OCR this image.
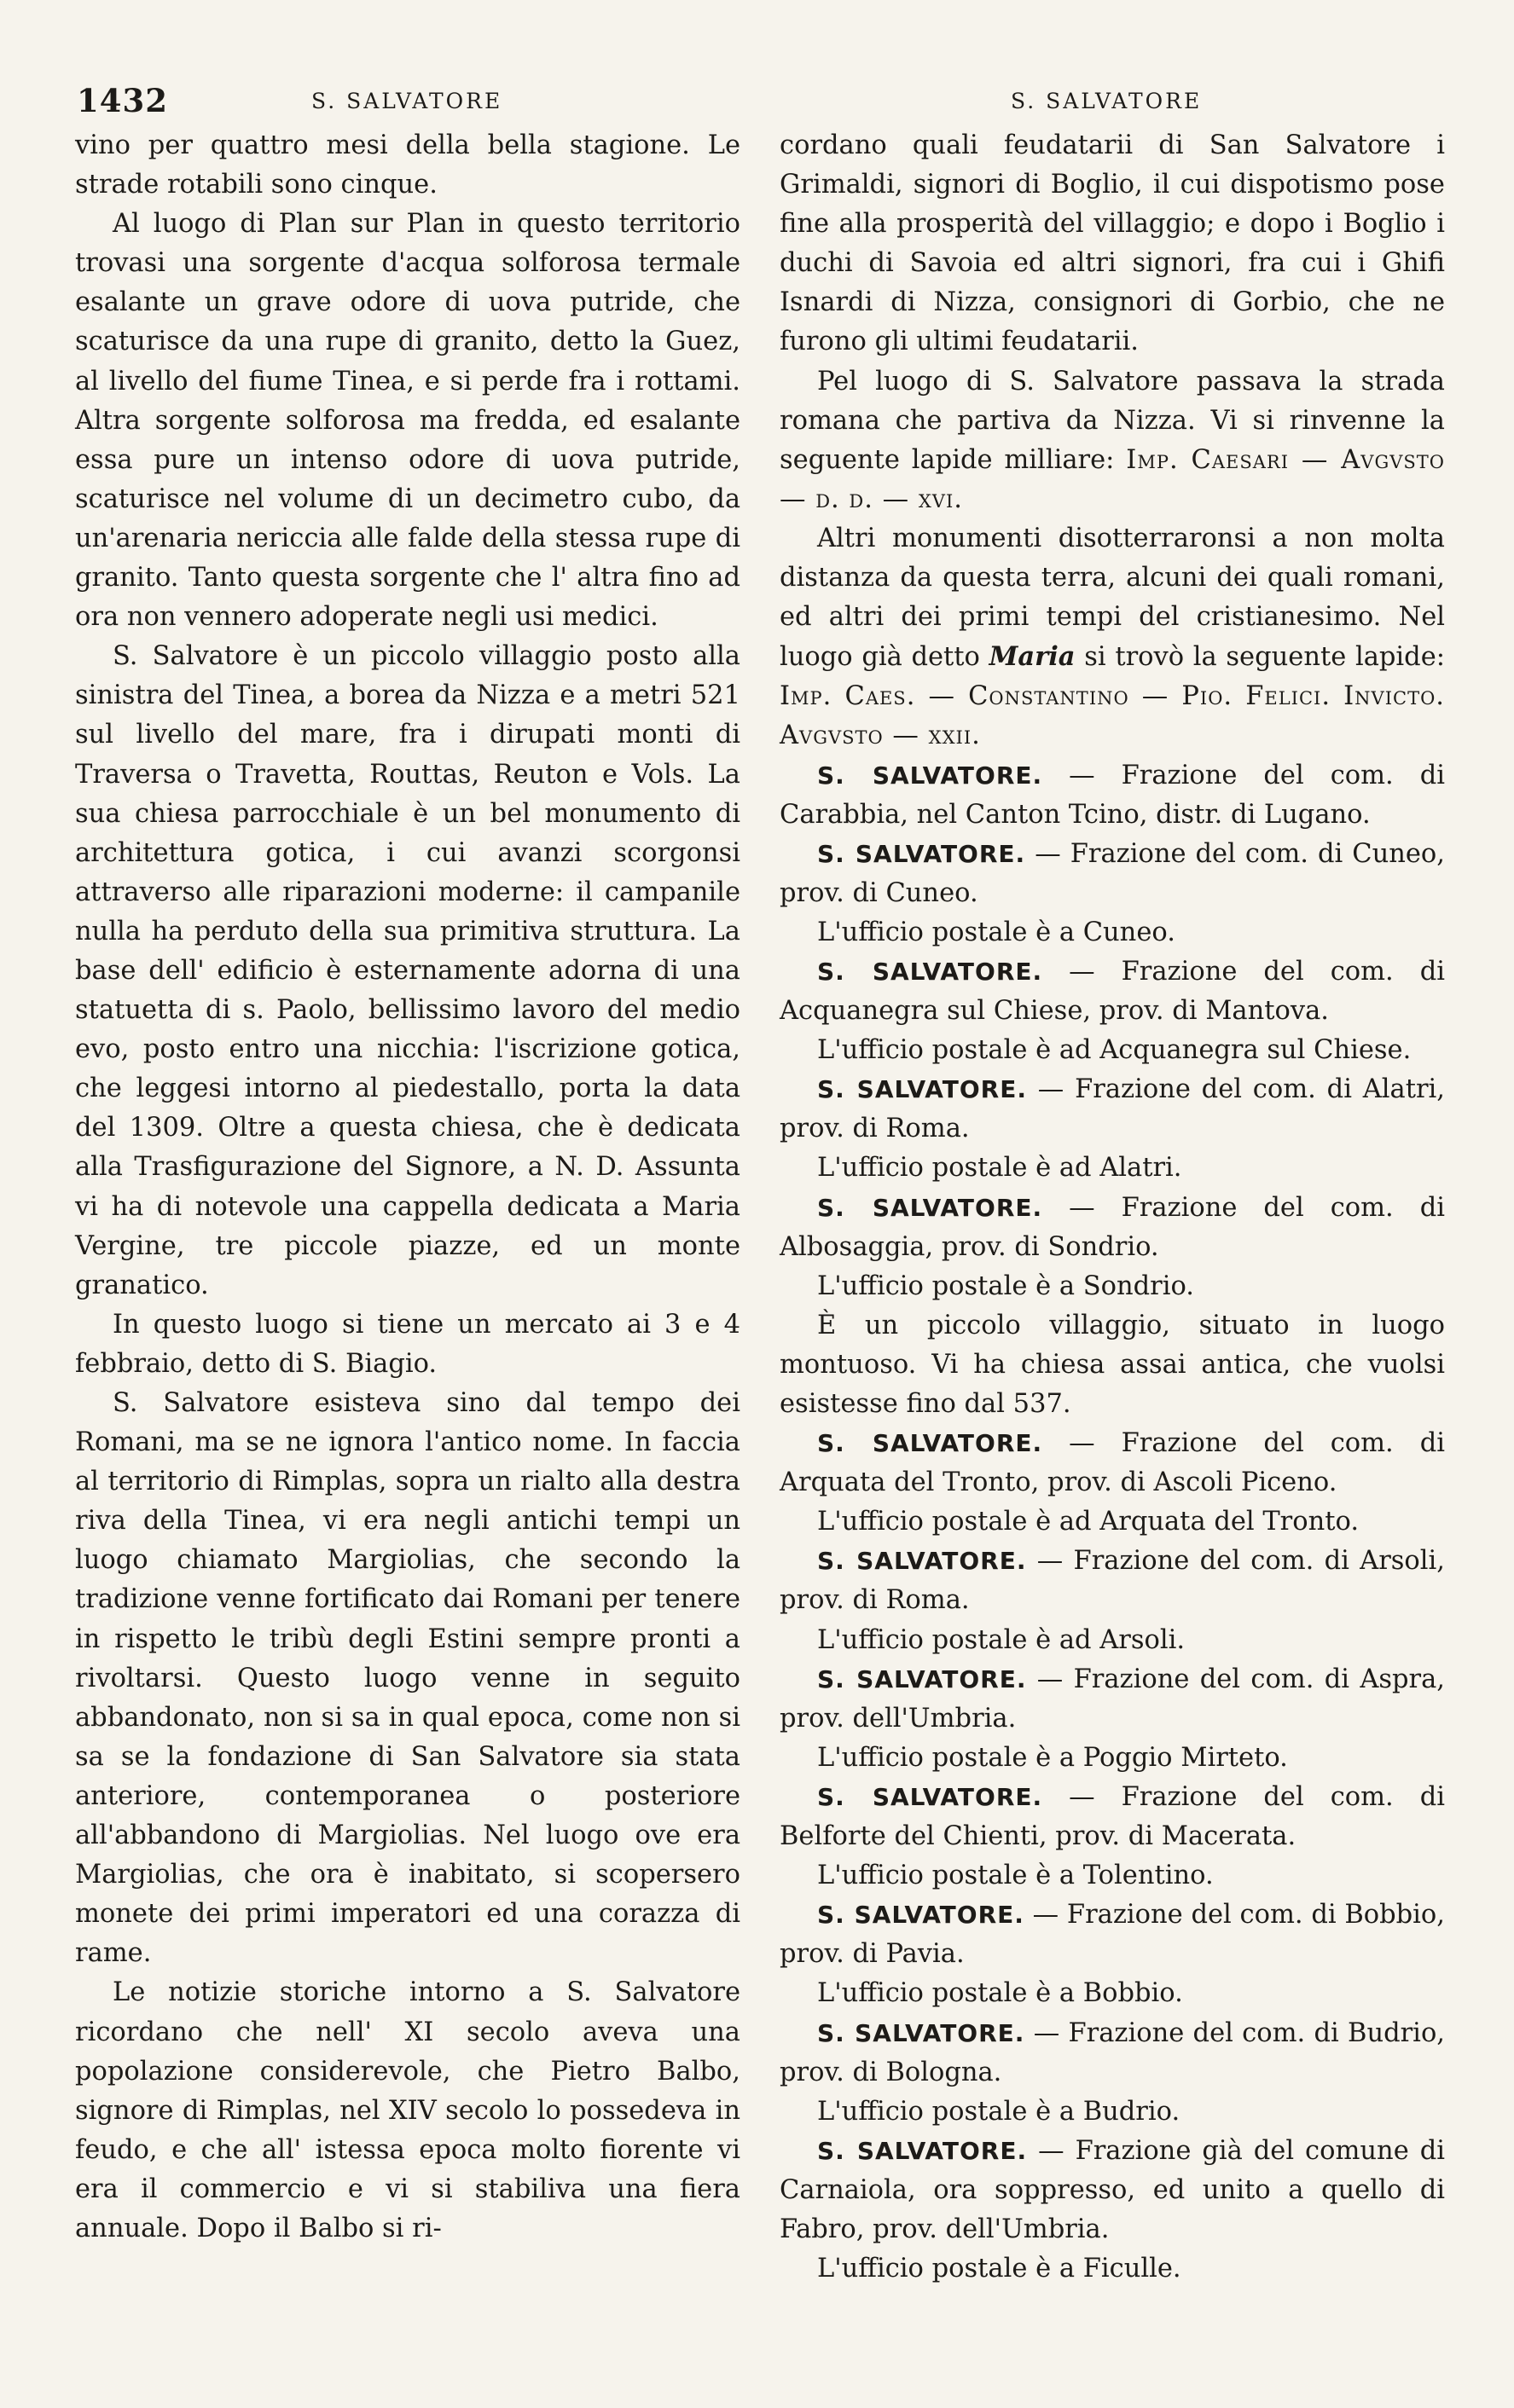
1432	S. SALVATORE	S. SALVATORE

vino per quattro mesi della bella stagione. Le strade rotabili sono cinque.

Al luogo di Plan sur Plan in questo territorio trovasi una sorgente d'acqua solforosa termale esalante un grave odore di uova putride, che scaturisce da una rupe di granito, detto la Guez, al livello del fiume Tinea, e si perde fra i rottami. Altra sorgente solforosa ma fredda, ed esalante essa pure un intenso odore di uova putride, scaturisce nel volume di un decimetro cubo, da un'arenaria nericcia alle falde della stessa rupe di granito. Tanto questa sorgente che l' altra fino ad ora non vennero adoperate negli usi medici.

S. Salvatore è un piccolo villaggio posto alla sinistra del Tinea, a borea da Nizza e a metri 521 sul livello del mare, fra i dirupati monti di Traversa o Travetta, Routtas, Reuton e Vols. La sua chiesa parrocchiale è un bel monumento di architettura gotica, i cui avanzi scorgonsi attraverso alle riparazioni moderne: il campanile nulla ha perduto della sua primitiva struttura. La base dell' edificio è esternamente adorna di una statuetta di s. Paolo, bellissimo lavoro del medio evo, posto entro una nicchia: l'iscrizione gotica, che leggesi intorno al piedestallo, porta la data del 1309. Oltre a questa chiesa, che è dedicata alla Trasfigurazione del Signore, a N. D. Assunta vi ha di notevole una cappella dedicata a Maria Vergine, tre piccole piazze, ed un monte granatico.

In questo luogo si tiene un mercato ai 3 e 4 febbraio, detto di S. Biagio.

S. Salvatore esisteva sino dal tempo dei Romani, ma se ne ignora l'antico nome. In faccia al territorio di Rimplas, sopra un rialto alla destra riva della Tinea, vi era negli antichi tempi un luogo chiamato Margiolias, che secondo la tradizione venne fortificato dai Romani per tenere in rispetto le tribù degli Estini sempre pronti a rivoltarsi. Questo luogo venne in seguito abbandonato, non si sa in qual epoca, come non si sa se la fondazione di San Salvatore sia stata anteriore, contemporanea o posteriore all'abbandono di Margiolias. Nel luogo ove era Margiolias, che ora è inabitato, si scopersero monete dei primi imperatori ed una corazza di rame.

Le notizie storiche intorno a S. Salvatore ricordano che nell' XI secolo aveva una popolazione considerevole, che Pietro Balbo, signore di Rimplas, nel XIV secolo lo possedeva in feudo, e che all' istessa epoca molto fiorente vi era il commercio e vi si stabiliva una fiera annuale. Dopo il Balbo si ri-

cordano quali feudatarii di San Salvatore i Grimaldi, signori di Boglio, il cui dispotismo pose fine alla prosperità del villaggio; e dopo i Boglio i duchi di Savoia ed altri signori, fra cui i Ghifi Isnardi di Nizza, consignori di Gorbio, che ne furono gli ultimi feudatarii.

Pel luogo di S. Salvatore passava la strada romana che partiva da Nizza. Vi si rinvenne la seguente lapide milliare: Imp. Caesari — Avgvsto — d. d. — xvi.

Altri monumenti disotterraronsi a non molta distanza da questa terra, alcuni dei quali romani, ed altri dei primi tempi del cristianesimo. Nel luogo già detto Maria si trovò la seguente lapide: Imp. Caes. — Constantino — Pio. Felici. Invicto. Avgvsto — xxii.

S. SALVATORE. — Frazione del com. di Carabbia, nel Canton Tcino, distr. di Lugano.

S. SALVATORE. — Frazione del com. di Cuneo, prov. di Cuneo.

L'ufficio postale è a Cuneo.

S. SALVATORE. — Frazione del com. di Acquanegra sul Chiese, prov. di Mantova.

L'ufficio postale è ad Acquanegra sul Chiese.

S. SALVATORE. — Frazione del com. di Alatri, prov. di Roma.

L'ufficio postale è ad Alatri.

S. SALVATORE. — Frazione del com. di Albosaggia, prov. di Sondrio.

L'ufficio postale è a Sondrio.

È un piccolo villaggio, situato in luogo montuoso. Vi ha chiesa assai antica, che vuolsi esistesse fino dal 537.

S. SALVATORE. — Frazione del com. di Arquata del Tronto, prov. di Ascoli Piceno.

L'ufficio postale è ad Arquata del Tronto.

S. SALVATORE. — Frazione del com. di Arsoli, prov. di Roma.

L'ufficio postale è ad Arsoli.

S. SALVATORE. — Frazione del com. di Aspra, prov. dell'Umbria.

L'ufficio postale è a Poggio Mirteto.

S. SALVATORE. — Frazione del com. di Belforte del Chienti, prov. di Macerata.

L'ufficio postale è a Tolentino.

S. SALVATORE. — Frazione del com. di Bobbio, prov. di Pavia.

L'ufficio postale è a Bobbio.

S. SALVATORE. — Frazione del com. di Budrio, prov. di Bologna.

L'ufficio postale è a Budrio.

S. SALVATORE. — Frazione già del comune di Carnaiola, ora soppresso, ed unito a quello di Fabro, prov. dell'Umbria.

L'ufficio postale è a Ficulle.
